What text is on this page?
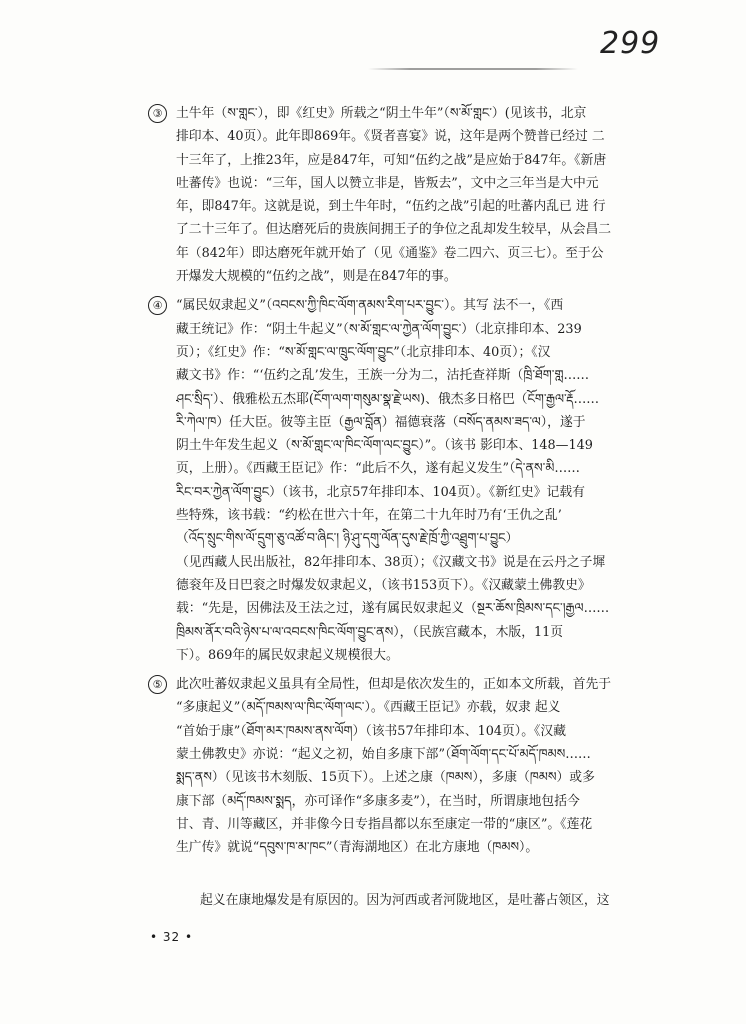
299
③	土牛年（ས་གླང་），即《红史》所载之“阴土牛年”（ས་མོ་གླང་）(见该书，北京
排印本、40页）。此年即869年。《贤者喜宴》说，这年是两个赞普已经过 二
十三年了，上推23年，应是847年，可知“伍约之战”是应始于847年。《新唐
吐蕃传》也说：“三年，国人以赞立非是，皆叛去”，文中之三年当是大中元
年，即847年。这就是说，到土牛年时，“伍约之战”引起的吐蕃内乱已 进 行
了二十三年了。但达磨死后的贵族间拥王子的争位之乱却发生较早，从会昌二
年（842年）即达磨死年就开始了（见《通鉴》卷二四六、页三七）。至于公
开爆发大规模的“伍约之战”，则是在847年的事。
④	“属民奴隶起义”（འབངས་ཀྱི་ཁིང་ལོག་ནམས་རིག་པར་བྱུང་）。其写 法不一，《西
藏王统记》作：“阴土牛起义”（ས་མོ་གླང་ལ་ཀྱེན་ལོག་བྱུང་）（北京排印本、239
页）；《红史》作：“ས་མོ་གླང་ལ་ཁྲུང་ལོག་བྱུང”（北京排印本、40页）；《汉
藏文书》作：“‘伍约之乱’发生，王族一分为二，沽托查祥斯（ཁྲི་ཐོག་གླ……
ཤང་སྲིད་）、俄雅松五杰耶(ངོག་ལག་གསུམ་སྣ་རྗེ་ཡས)、俄杰多日格巴（ངོག་རྒྱལ་རྡོ……
རི་ཀེལ་ཁ）任大臣。彼等主臣（རྒྱལ་བློན）福德衰落（བསོད་ནམས་ཟད་ལ），遂于
阴土牛年发生起义（ས་མོ་གླང་ལ་ཁིང་ལོག་ལང་བྱུང）”。（该书 影印本、148—149
页，上册）。《西藏王臣记》作：“此后不久，遂有起义发生”（དེ་ནས་མི……
རིང་བར་ཀྱེན་ལོག་བྱུང）（该书，北京57年排印本、104页）。《新红史》记载有
些特殊，该书载：“约松在世六十年，在第二十九年时乃有‘王仇之乱’
（འོད་སྲུང་གིས་ལོ་དྲུག་ཅུ་འཚོ་བ་ཞིང་། ཉི་ཤུ་དགུ་ལོན་དུས་རྗེ་ཁྲོ་ཀྱི་འཐྲུག་པ་བྱུང）
（见西藏人民出版社，82年排印本、38页）；《汉藏文书》说是在云丹之子墀
德衮年及日巴衮之时爆发奴隶起义，（该书153页下）。《汉藏蒙土佛教史》
载：“先是，因佛法及王法之过，遂有属民奴隶起义（སྔར་ཆོས་ཁྲིམས་དང་།རྒྱལ……
ཁྲིམས་ནོར་བའི་ཉེས་པ་ལ་འབངས་ཁིང་ལོག་བྱུང་ནས），（民族宫藏本，木版，11页
下）。869年的属民奴隶起义规模很大。
⑤	此次吐蕃奴隶起义虽具有全局性，但却是依次发生的，正如本文所载，首先于
“多康起义”（མདོ་ཁམས་ལ་ཁིང་ལོག་ལང་）。《西藏王臣记》亦载，奴隶 起义
“首始于康”（ཐོག་མར་ཁམས་ནས་ལོག）（该书57年排印本、104页）。《汉藏
蒙土佛教史》亦说：“起义之初，始自多康下部”（ཐོག་ལོག་དང་པོ་མདོ་ཁམས……
སྨད་ནས）（见该书木刻版、15页下）。上述之康（ཁམས），多康（ཁམས）或多
康下部（མདོ་ཁམས་སྨད，亦可译作“多康多麦”），在当时，所谓康地包括今
甘、青、川等藏区，并非像今日专指昌都以东至康定一带的“康区”。《莲花
生广传》就说“དབུས་ཁ་མ་ཁང”（青海湖地区）在北方康地（ཁམས）。
起义在康地爆发是有原因的。因为河西或者河陇地区，是吐蕃占领区，这
• 32 •
